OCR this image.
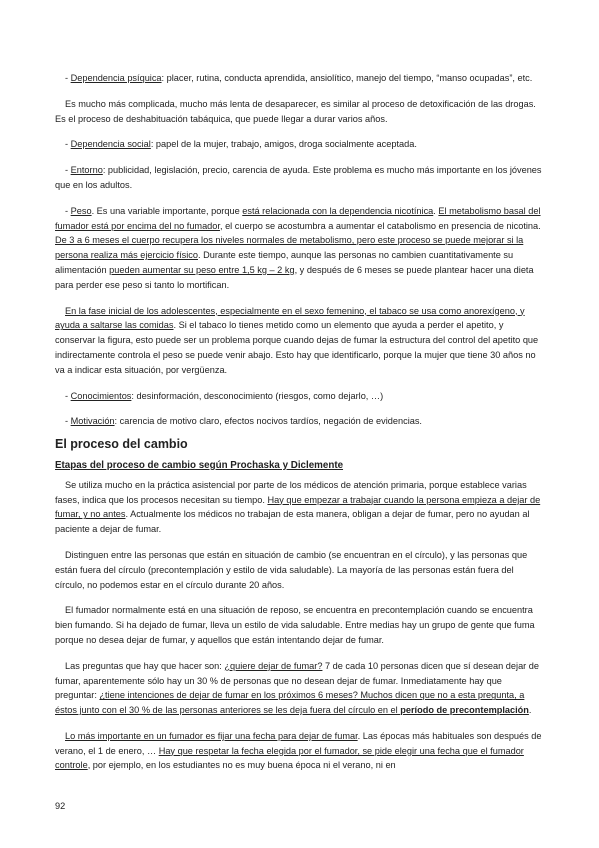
- Dependencia psíquica: placer, rutina, conducta aprendida, ansiolítico, manejo del tiempo, “manso ocupadas”, etc.

Es mucho más complicada, mucho más lenta de desaparecer, es similar al proceso de detoxificación de las drogas. Es el proceso de deshabituación tabáquica, que puede llegar a durar varios años.

- Dependencia social: papel de la mujer, trabajo, amigos, droga socialmente aceptada.

- Entorno: publicidad, legislación, precio, carencia de ayuda. Este problema es mucho más importante en los jóvenes que en los adultos.

- Peso. Es una variable importante, porque está relacionada con la dependencia nicotínica. El metabolismo basal del fumador está por encima del no fumador, el cuerpo se acostumbra a aumentar el catabolismo en presencia de nicotina. De 3 a 6 meses el cuerpo recupera los niveles normales de metabolismo, pero este proceso se puede mejorar si la persona realiza más ejercicio físico. Durante este tiempo, aunque las personas no cambien cuantitativamente su alimentación pueden aumentar su peso entre 1,5 kg – 2 kg, y después de 6 meses se puede plantear hacer una dieta para perder ese peso si tanto lo mortifican.

En la fase inicial de los adolescentes, especialmente en el sexo femenino, el tabaco se usa como anorexígeno, y ayuda a saltarse las comidas. Si el tabaco lo tienes metido como un elemento que ayuda a perder el apetito, y conservar la figura, esto puede ser un problema porque cuando dejas de fumar la estructura del control del apetito que indirectamente controla el peso se puede venir abajo. Esto hay que identificarlo, porque la mujer que tiene 30 años no va a indicar esta situación, por vergüenza.

- Conocimientos: desinformación, desconocimiento (riesgos, como dejarlo, …)

- Motivación: carencia de motivo claro, efectos nocivos tardíos, negación de evidencias.

El proceso del cambio

Etapas del proceso de cambio según Prochaska y Diclemente

Se utiliza mucho en la práctica asistencial por parte de los médicos de atención primaria, porque establece varias fases, indica que los procesos necesitan su tiempo. Hay que empezar a trabajar cuando la persona empieza a dejar de fumar, y no antes. Actualmente los médicos no trabajan de esta manera, obligan a dejar de fumar, pero no ayudan al paciente a dejar de fumar.

Distinguen entre las personas que están en situación de cambio (se encuentran en el círculo), y las personas que están fuera del círculo (precontemplación y estilo de vida saludable). La mayoría de las personas están fuera del círculo, no podemos estar en el círculo durante 20 años.

El fumador normalmente está en una situación de reposo, se encuentra en precontemplación cuando se encuentra bien fumando. Si ha dejado de fumar, lleva un estilo de vida saludable. Entre medias hay un grupo de gente que fuma porque no desea dejar de fumar, y aquellos que están intentando dejar de fumar.

Las preguntas que hay que hacer son: ¿quiere dejar de fumar? 7 de cada 10 personas dicen que sí desean dejar de fumar, aparentemente sólo hay un 30 % de personas que no desean dejar de fumar. Inmediatamente hay que preguntar: ¿tiene intenciones de dejar de fumar en los próximos 6 meses? Muchos dicen que no a esta pregunta, a éstos junto con el 30 % de las personas anteriores se les deja fuera del círculo en el período de precontemplación.

Lo más importante en un fumador es fijar una fecha para dejar de fumar. Las épocas más habituales son después de verano, el 1 de enero, … Hay que respetar la fecha elegida por el fumador, se pide elegir una fecha que el fumador controle, por ejemplo, en los estudiantes no es muy buena época ni el verano, ni en

92
